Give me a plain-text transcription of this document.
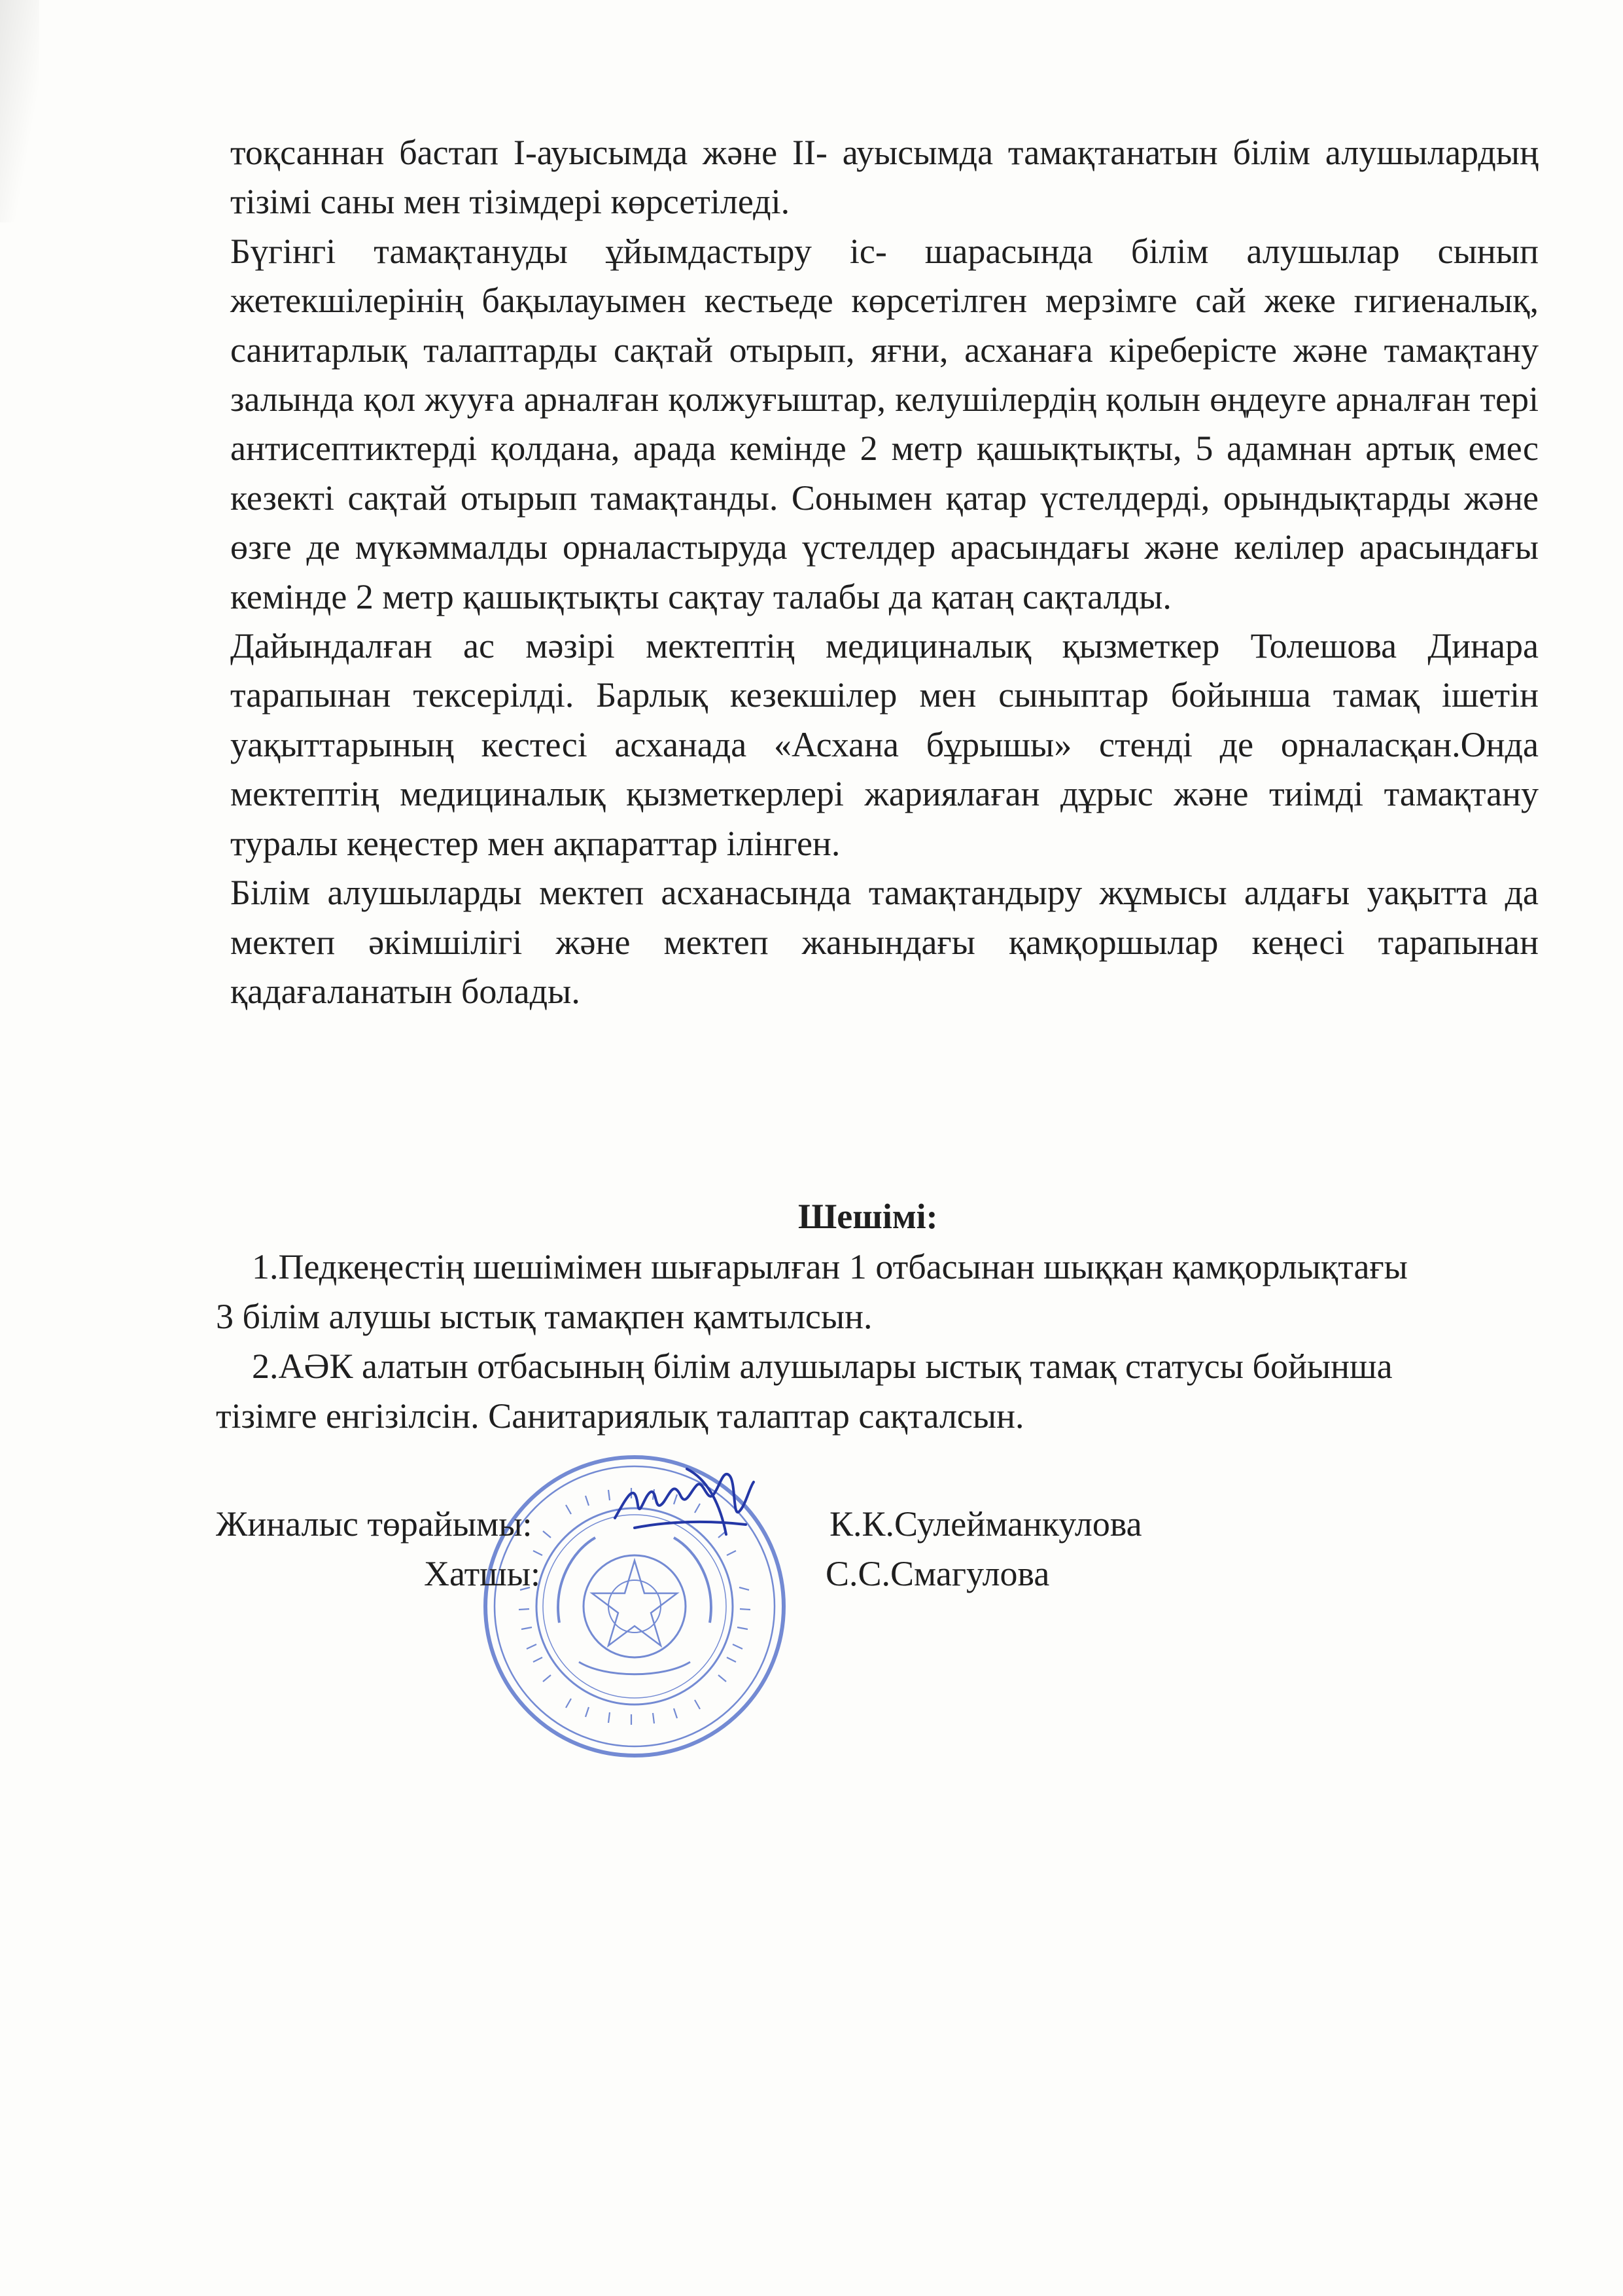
тоқсаннан бастап І-ауысымда және ІІ- ауысымда тамақтанатын білім алушылардың тізімі саны мен тізімдері көрсетіледі.

Бүгінгі тамақтануды ұйымдастыру іс- шарасында білім алушылар сынып жетекшілерінің бақылауымен кестьеде көрсетілген мерзімге сай жеке гигиеналық, санитарлық талаптарды сақтай отырып, яғни, асханаға кіреберісте және тамақтану залында қол жууға арналған қолжуғыштар, келушілердің қолын өңдеуге арналған тері антисептиктерді қолдана, арада кемінде 2 метр қашықтықты, 5 адамнан артық емес кезекті сақтай отырып тамақтанды. Сонымен қатар үстелдерді, орындықтарды және өзге де мүкәммалды орналастыруда үстелдер арасындағы және келілер арасындағы кемінде 2 метр қашықтықты сақтау талабы да қатаң сақталды.

Дайындалған ас мәзірі мектептің медициналық қызметкер Толешова Динара тарапынан тексерілді. Барлық кезекшілер мен сыныптар бойынша тамақ ішетін уақыттарының кестесі асханада «Асхана бұрышы» стенді де орналасқан.Онда мектептің медициналық қызметкерлері жариялаған дұрыс және тиімді тамақтану туралы кеңестер мен ақпараттар ілінген.

Білім алушыларды мектеп асханасында тамақтандыру жұмысы алдағы уақытта да мектеп әкімшілігі және мектеп жанындағы қамқоршылар кеңесі тарапынан қадағаланатын болады.

Шешімі:

1.Педкеңестің шешімімен шығарылған 1 отбасынан шыққан қамқорлықтағы

3 білім алушы ыстық тамақпен қамтылсын.

2.АӘК алатын отбасының білім алушылары ыстық тамақ статусы бойынша

тізімге енгізілсін. Санитариялық талаптар сақталсын.

Жиналыс төрайымы:	К.К.Сулейманкулова
Хатшы:	С.С.Смагулова
